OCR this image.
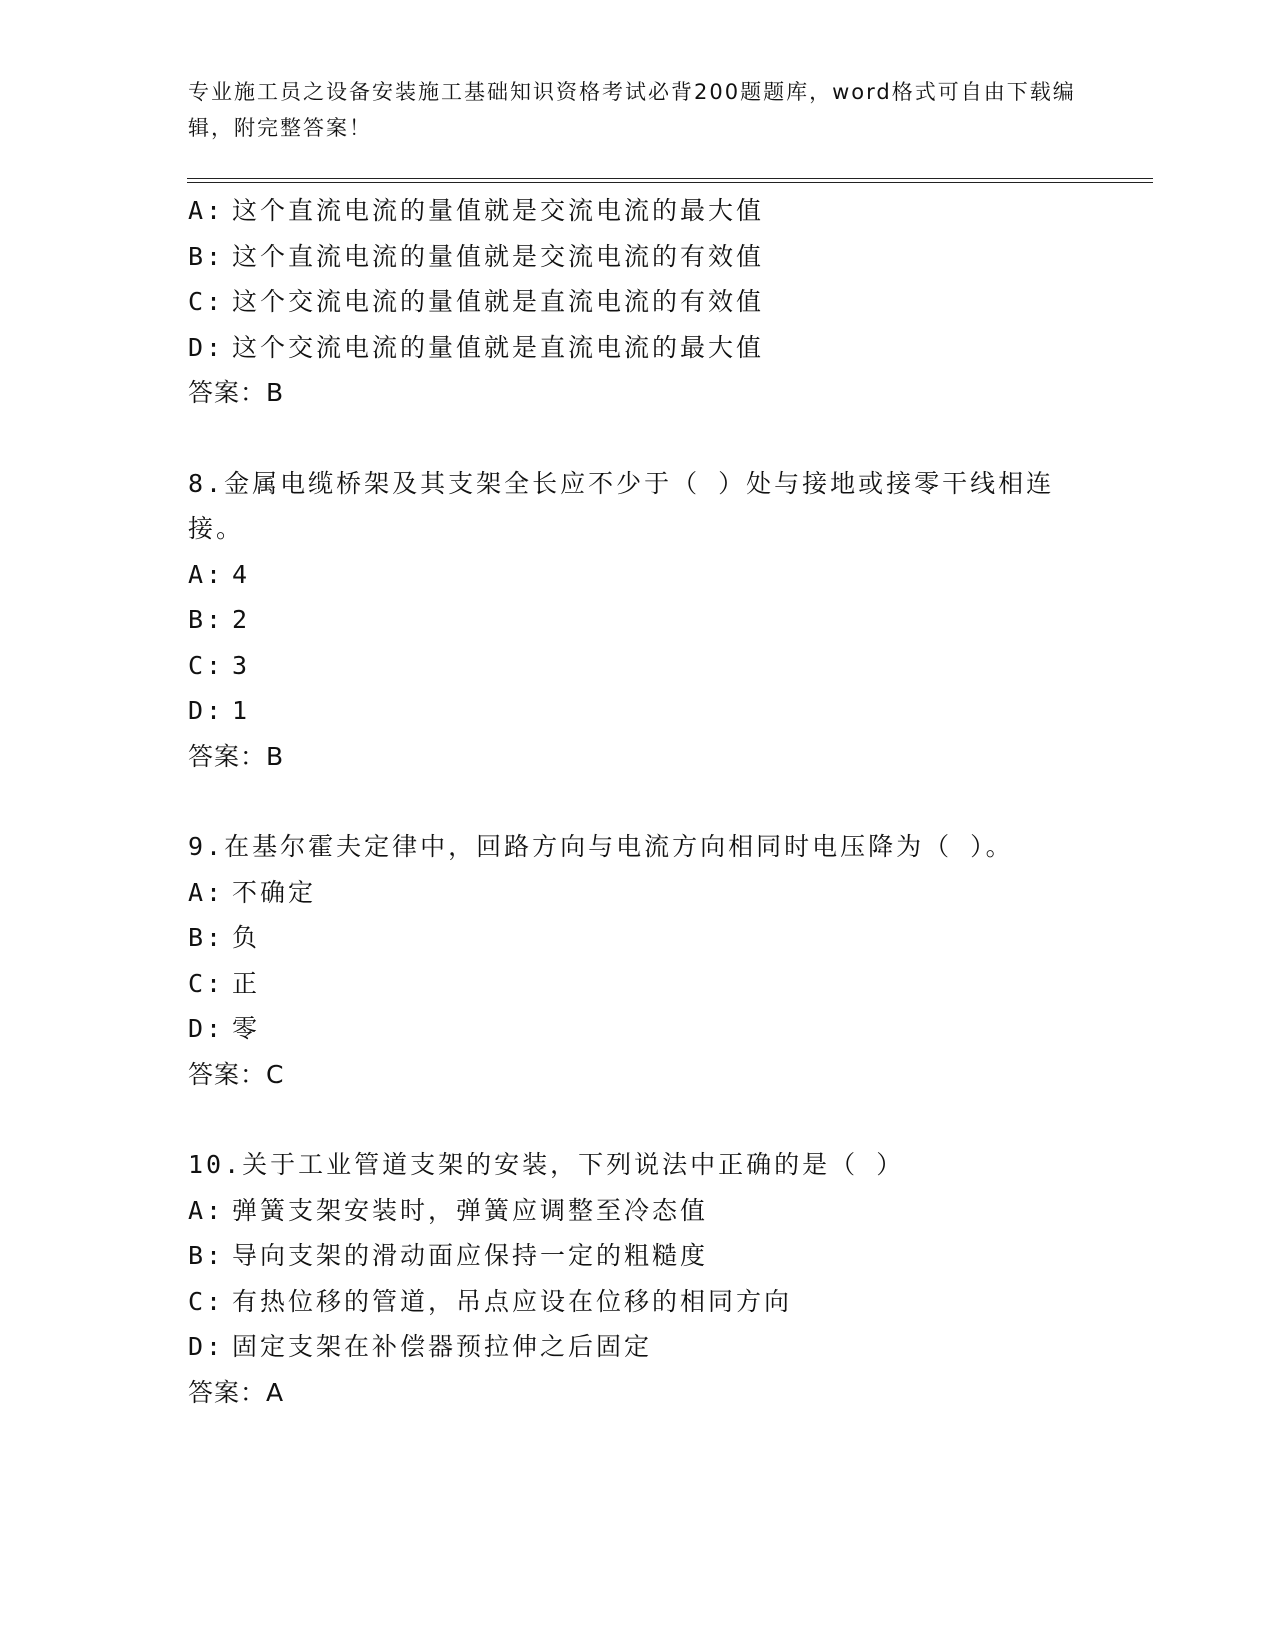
专业施工员之设备安装施工基础知识资格考试必背200题题库，word格式可自由下载编辑，附完整答案！
A: 这个直流电流的量值就是交流电流的最大值
B: 这个直流电流的量值就是交流电流的有效值
C: 这个交流电流的量值就是直流电流的有效值
D: 这个交流电流的量值就是直流电流的最大值
答案：B
8.金属电缆桥架及其支架全长应不少于（ ）处与接地或接零干线相连接。
A: 4
B: 2
C: 3
D: 1
答案：B
9.在基尔霍夫定律中，回路方向与电流方向相同时电压降为（ ）。
A: 不确定
B: 负
C: 正
D: 零
答案：C
10.关于工业管道支架的安装，下列说法中正确的是（ ）
A: 弹簧支架安装时，弹簧应调整至冷态值
B: 导向支架的滑动面应保持一定的粗糙度
C: 有热位移的管道，吊点应设在位移的相同方向
D: 固定支架在补偿器预拉伸之后固定
答案：A
